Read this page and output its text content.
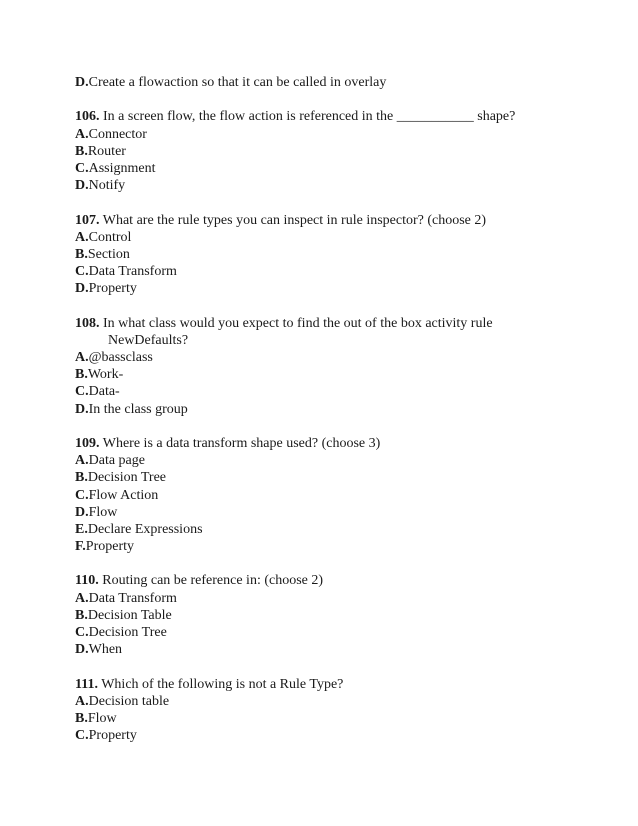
D.Create a flowaction so that it can be called in overlay
106. In a screen flow, the flow action is referenced in the ___________ shape?
A.Connector
B.Router
C.Assignment
D.Notify
107. What are the rule types you can inspect in rule inspector? (choose 2)
A.Control
B.Section
C.Data Transform
D.Property
108. In what class would you expect to find the out of the box activity rule
NewDefaults?
A.@bassclass
B.Work-
C.Data-
D.In the class group
109. Where is a data transform shape used? (choose 3)
A.Data page
B.Decision Tree
C.Flow Action
D.Flow
E.Declare Expressions
F.Property
110. Routing can be reference in: (choose 2)
A.Data Transform
B.Decision Table
C.Decision Tree
D.When
111. Which of the following is not a Rule Type?
A.Decision table
B.Flow
C.Property
